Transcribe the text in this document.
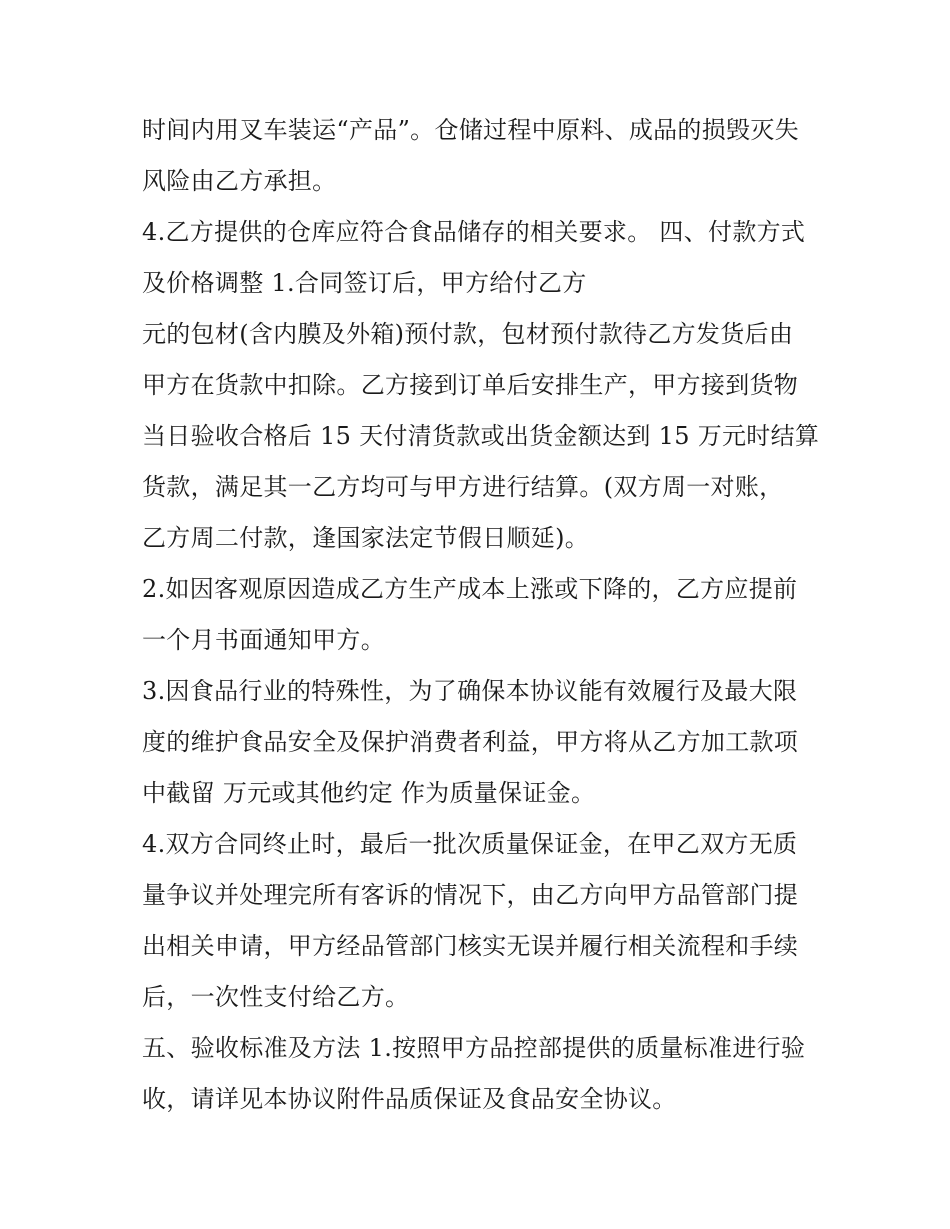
时间内用叉车装运“产品”。仓储过程中原料、成品的损毁灭失
风险由乙方承担。
4.乙方提供的仓库应符合食品储存的相关要求。 四、付款方式
及价格调整 1.合同签订后，甲方给付乙方
元的包材(含内膜及外箱)预付款，包材预付款待乙方发货后由
甲方在货款中扣除。乙方接到订单后安排生产，甲方接到货物
当日验收合格后 15 天付清货款或出货金额达到 15 万元时结算
货款，满足其一乙方均可与甲方进行结算。(双方周一对账，
乙方周二付款，逢国家法定节假日顺延)。
2.如因客观原因造成乙方生产成本上涨或下降的，乙方应提前
一个月书面通知甲方。
3.因食品行业的特殊性，为了确保本协议能有效履行及最大限
度的维护食品安全及保护消费者利益，甲方将从乙方加工款项
中截留 万元或其他约定 作为质量保证金。
4.双方合同终止时，最后一批次质量保证金，在甲乙双方无质
量争议并处理完所有客诉的情况下，由乙方向甲方品管部门提
出相关申请，甲方经品管部门核实无误并履行相关流程和手续
后，一次性支付给乙方。
五、验收标准及方法 1.按照甲方品控部提供的质量标准进行验
收，请详见本协议附件品质保证及食品安全协议。
